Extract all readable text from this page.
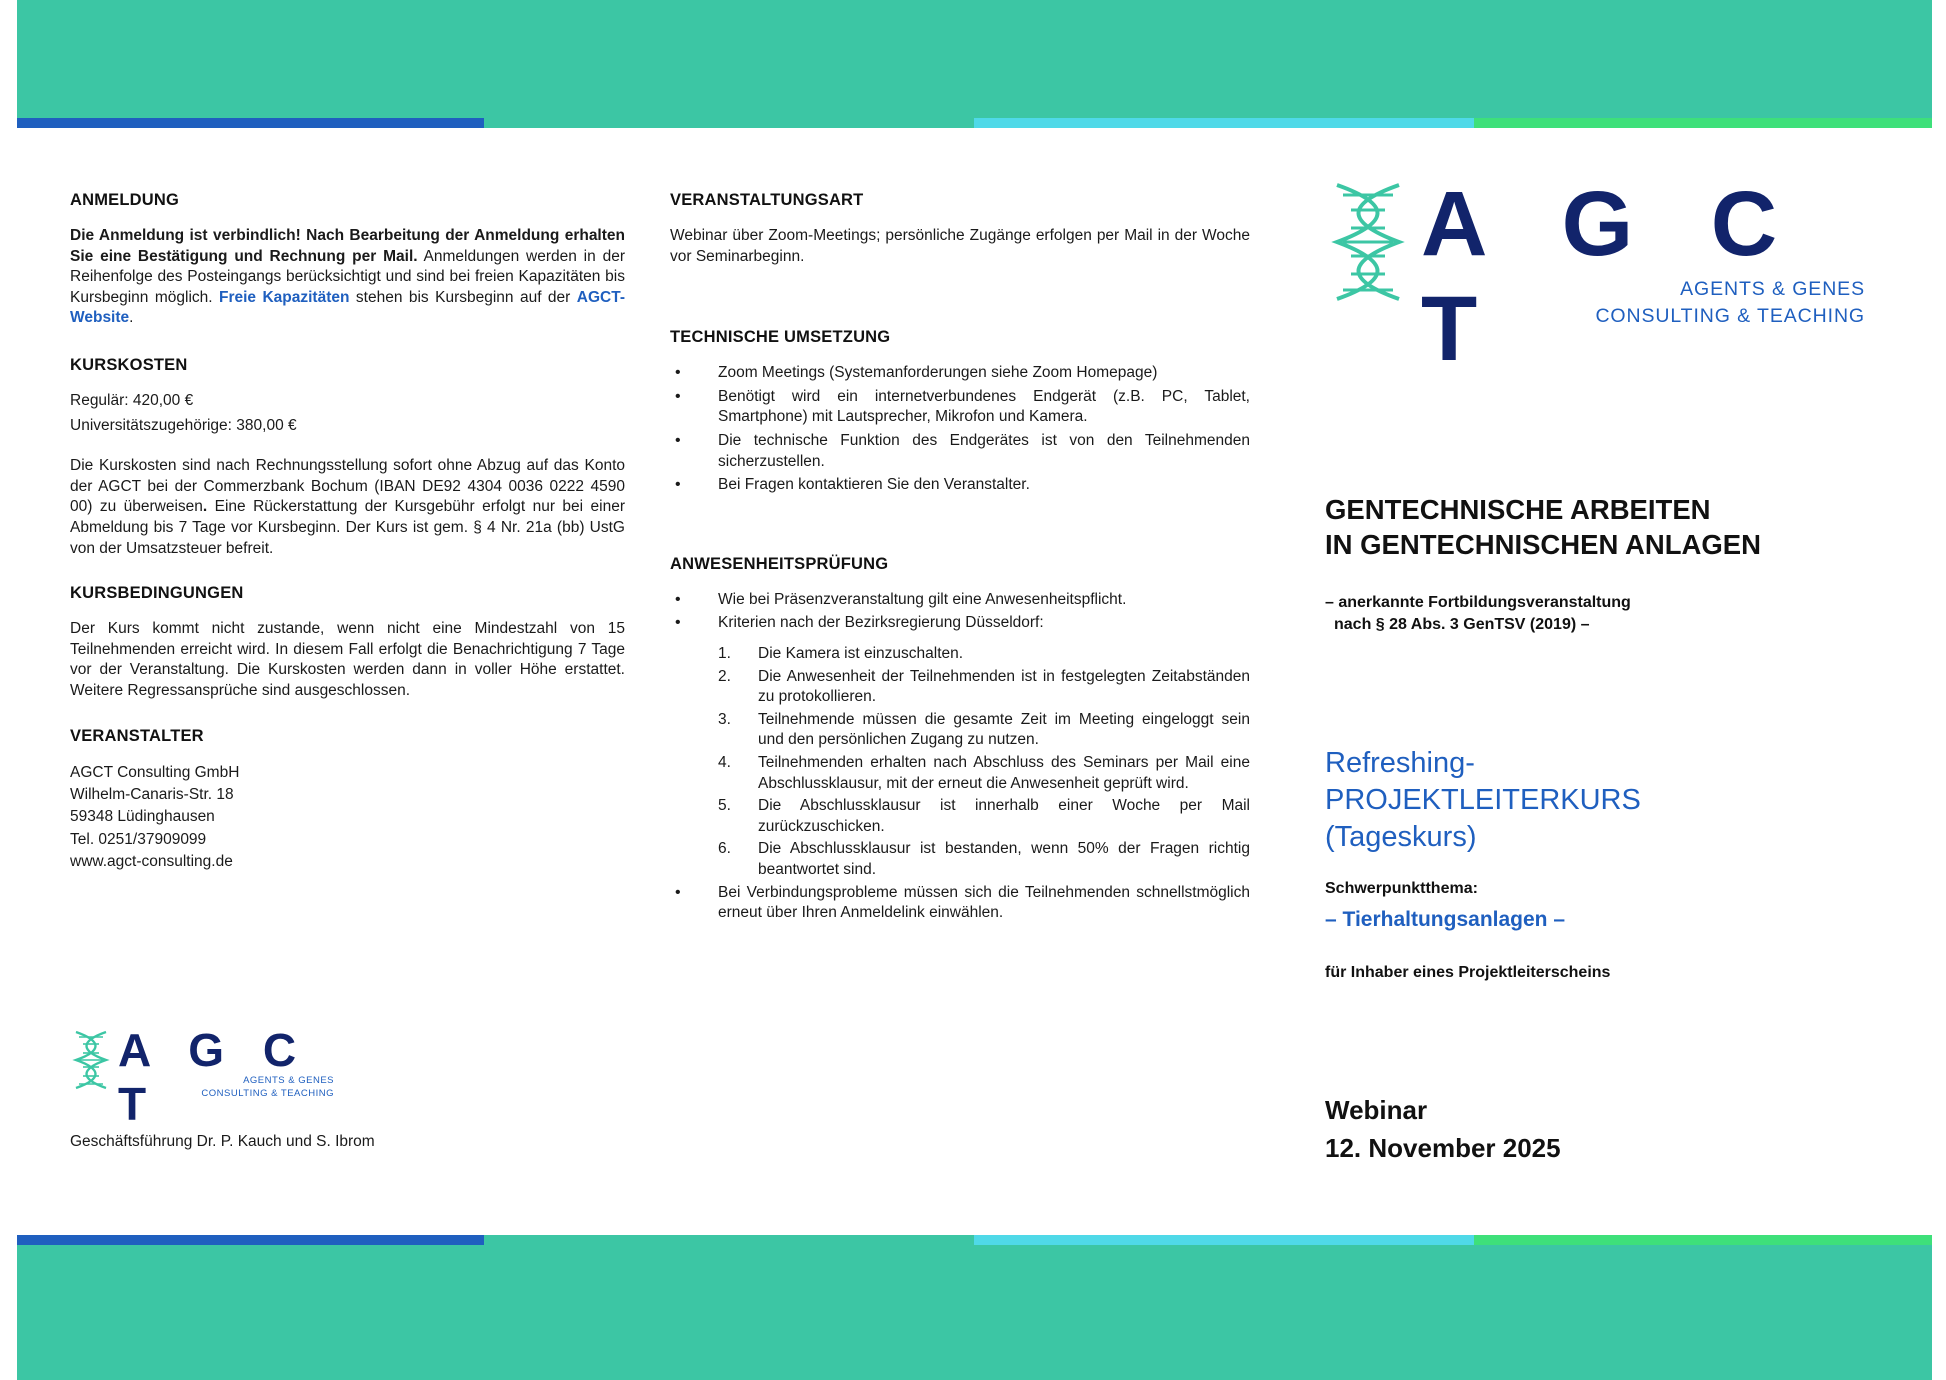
ANMELDUNG

Die Anmeldung ist verbindlich! Nach Bearbeitung der Anmeldung erhalten Sie eine Bestätigung und Rechnung per Mail. Anmeldungen werden in der Reihenfolge des Posteingangs berücksichtigt und sind bei freien Kapazitäten bis Kursbeginn möglich. Freie Kapazitäten stehen bis Kursbeginn auf der AGCT-Website.

KURSKOSTEN

Regulär: 420,00 €

Universitätszugehörige: 380,00 €

Die Kurskosten sind nach Rechnungsstellung sofort ohne Abzug auf das Konto der AGCT bei der Commerzbank Bochum (IBAN DE92 4304 0036 0222 4590 00) zu überweisen. Eine Rückerstattung der Kursgebühr erfolgt nur bei einer Abmeldung bis 7 Tage vor Kursbeginn. Der Kurs ist gem. § 4 Nr. 21a (bb) UstG von der Umsatzsteuer befreit.

KURSBEDINGUNGEN

Der Kurs kommt nicht zustande, wenn nicht eine Mindestzahl von 15 Teilnehmenden erreicht wird. In diesem Fall erfolgt die Benachrichtigung 7 Tage vor der Veranstaltung. Die Kurskosten werden dann in voller Höhe erstattet. Weitere Regressansprüche sind ausgeschlossen.

VERANSTALTER

AGCT Consulting GmbH

Wilhelm-Canaris-Str. 18

59348 Lüdinghausen

Tel. 0251/37909099

www.agct-consulting.de

A G C T	AGENTS & GENES
CONSULTING & TEACHING
Geschäftsführung Dr. P. Kauch und S. Ibrom
VERANSTALTUNGSART

Webinar über Zoom-Meetings; persönliche Zugänge erfolgen per Mail in der Woche vor Seminarbeginn.

TECHNISCHE UMSETZUNG
• Zoom Meetings (Systemanforderungen siehe Zoom Homepage)
• Benötigt wird ein internetverbundenes Endgerät (z.B. PC, Tablet, Smartphone) mit Lautsprecher, Mikrofon und Kamera.
• Die technische Funktion des Endgerätes ist von den Teilnehmenden sicherzustellen.
• Bei Fragen kontaktieren Sie den Veranstalter.
ANWESENHEITSPRÜFUNG
• Wie bei Präsenzveranstaltung gilt eine Anwesenheitspflicht.
• Kriterien nach der Bezirksregierung Düsseldorf:
Die Kamera ist einzuschalten.
Die Anwesenheit der Teilnehmenden ist in festgelegten Zeitabständen zu protokollieren.
Teilnehmende müssen die gesamte Zeit im Meeting eingeloggt sein und den persönlichen Zugang zu nutzen.
Teilnehmenden erhalten nach Abschluss des Seminars per Mail eine Abschlussklausur, mit der erneut die Anwesenheit geprüft wird.
Die Abschlussklausur ist innerhalb einer Woche per Mail zurückzuschicken.
Die Abschlussklausur ist bestanden, wenn 50% der Fragen richtig beantwortet sind.
• Bei Verbindungsprobleme müssen sich die Teilnehmenden schnellstmöglich erneut über Ihren Anmeldelink einwählen.
A G C T	AGENTS & GENES
CONSULTING & TEACHING
GENTECHNISCHE ARBEITEN
IN GENTECHNISCHEN ANLAGEN
– anerkannte Fortbildungsveranstaltung
nach § 28 Abs. 3 GenTSV (2019) –
Refreshing-
PROJEKTLEITERKURS
(Tageskurs)
Schwerpunktthema:
– Tierhaltungsanlagen –
für Inhaber eines Projektleiterscheins
Webinar
12. November 2025
